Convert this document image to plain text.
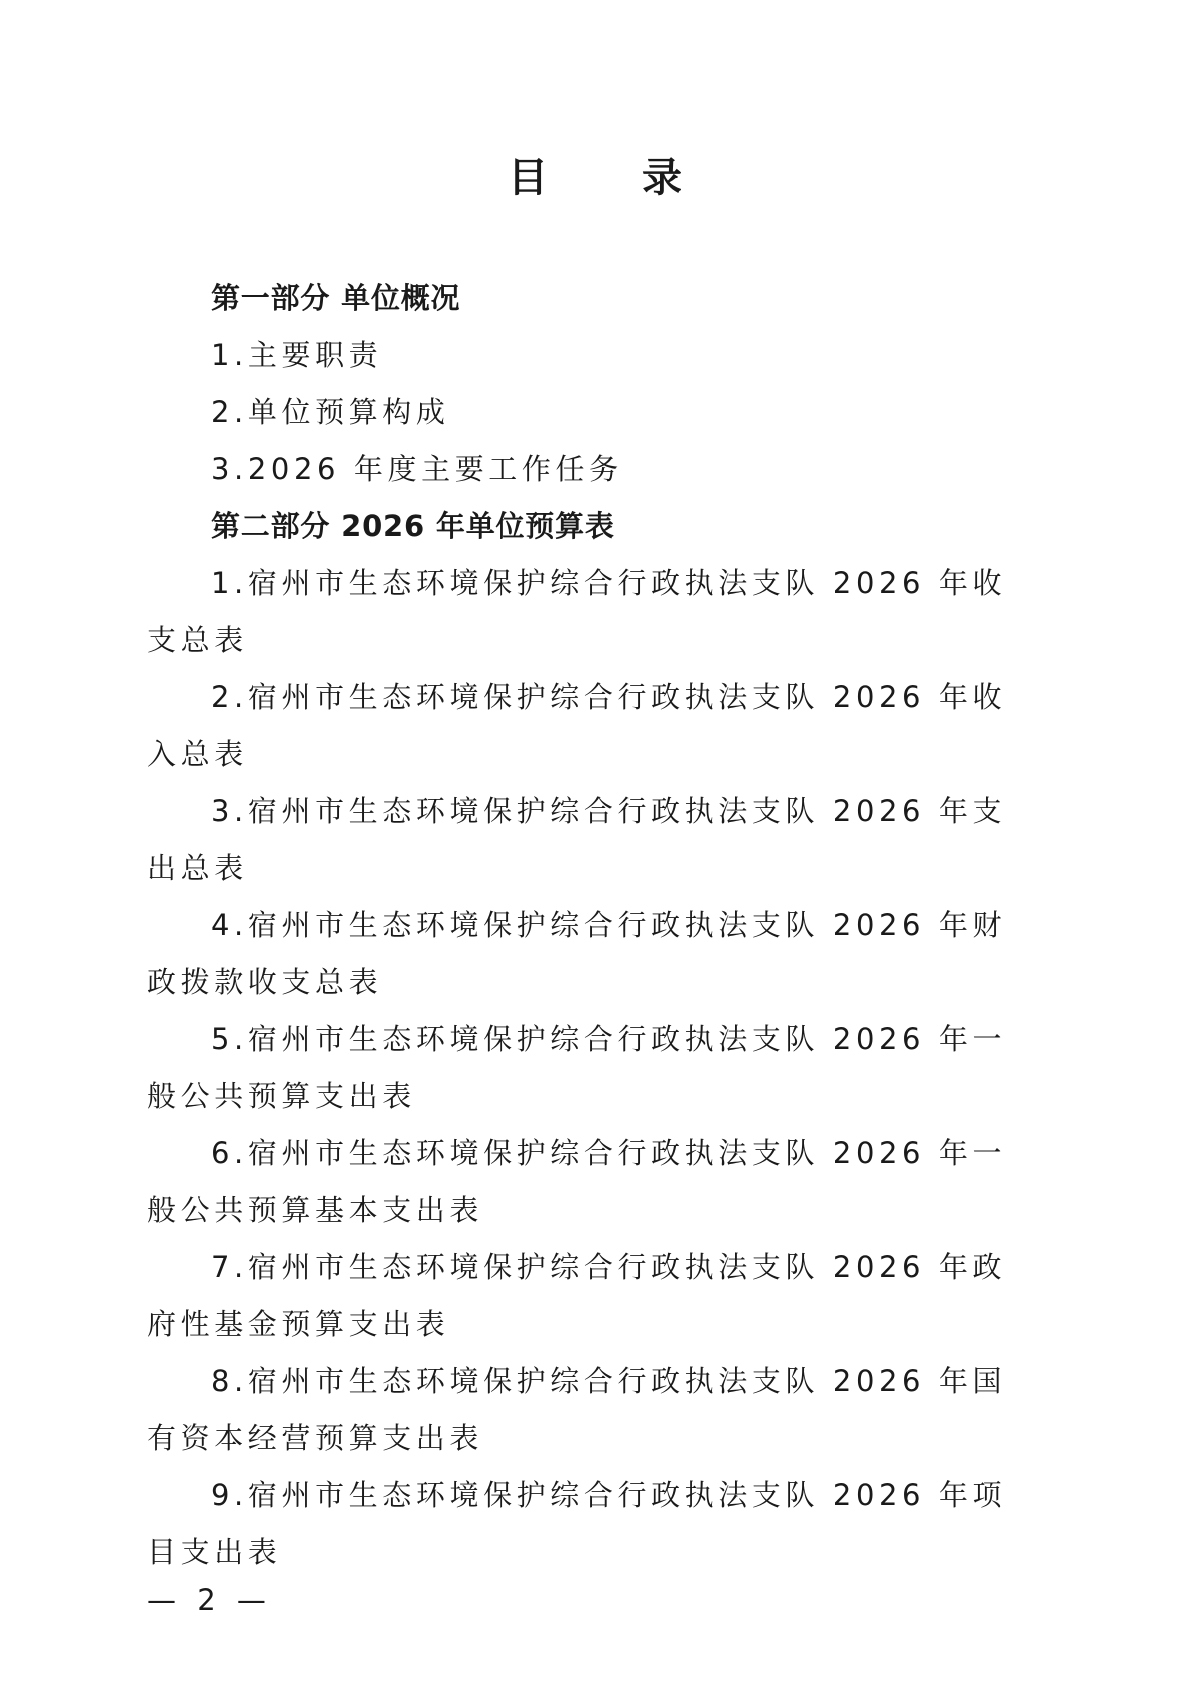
目 录

第一部分 单位概况

1.主要职责

2.单位预算构成

3.2026 年度主要工作任务

第二部分 2026 年单位预算表

1.宿州市生态环境保护综合行政执法支队 2026 年收支总表

2.宿州市生态环境保护综合行政执法支队 2026 年收入总表

3.宿州市生态环境保护综合行政执法支队 2026 年支出总表

4.宿州市生态环境保护综合行政执法支队 2026 年财政拨款收支总表

5.宿州市生态环境保护综合行政执法支队 2026 年一般公共预算支出表

6.宿州市生态环境保护综合行政执法支队 2026 年一般公共预算基本支出表

7.宿州市生态环境保护综合行政执法支队 2026 年政府性基金预算支出表

8.宿州市生态环境保护综合行政执法支队 2026 年国有资本经营预算支出表

9.宿州市生态环境保护综合行政执法支队 2026 年项目支出表

— 2 —
